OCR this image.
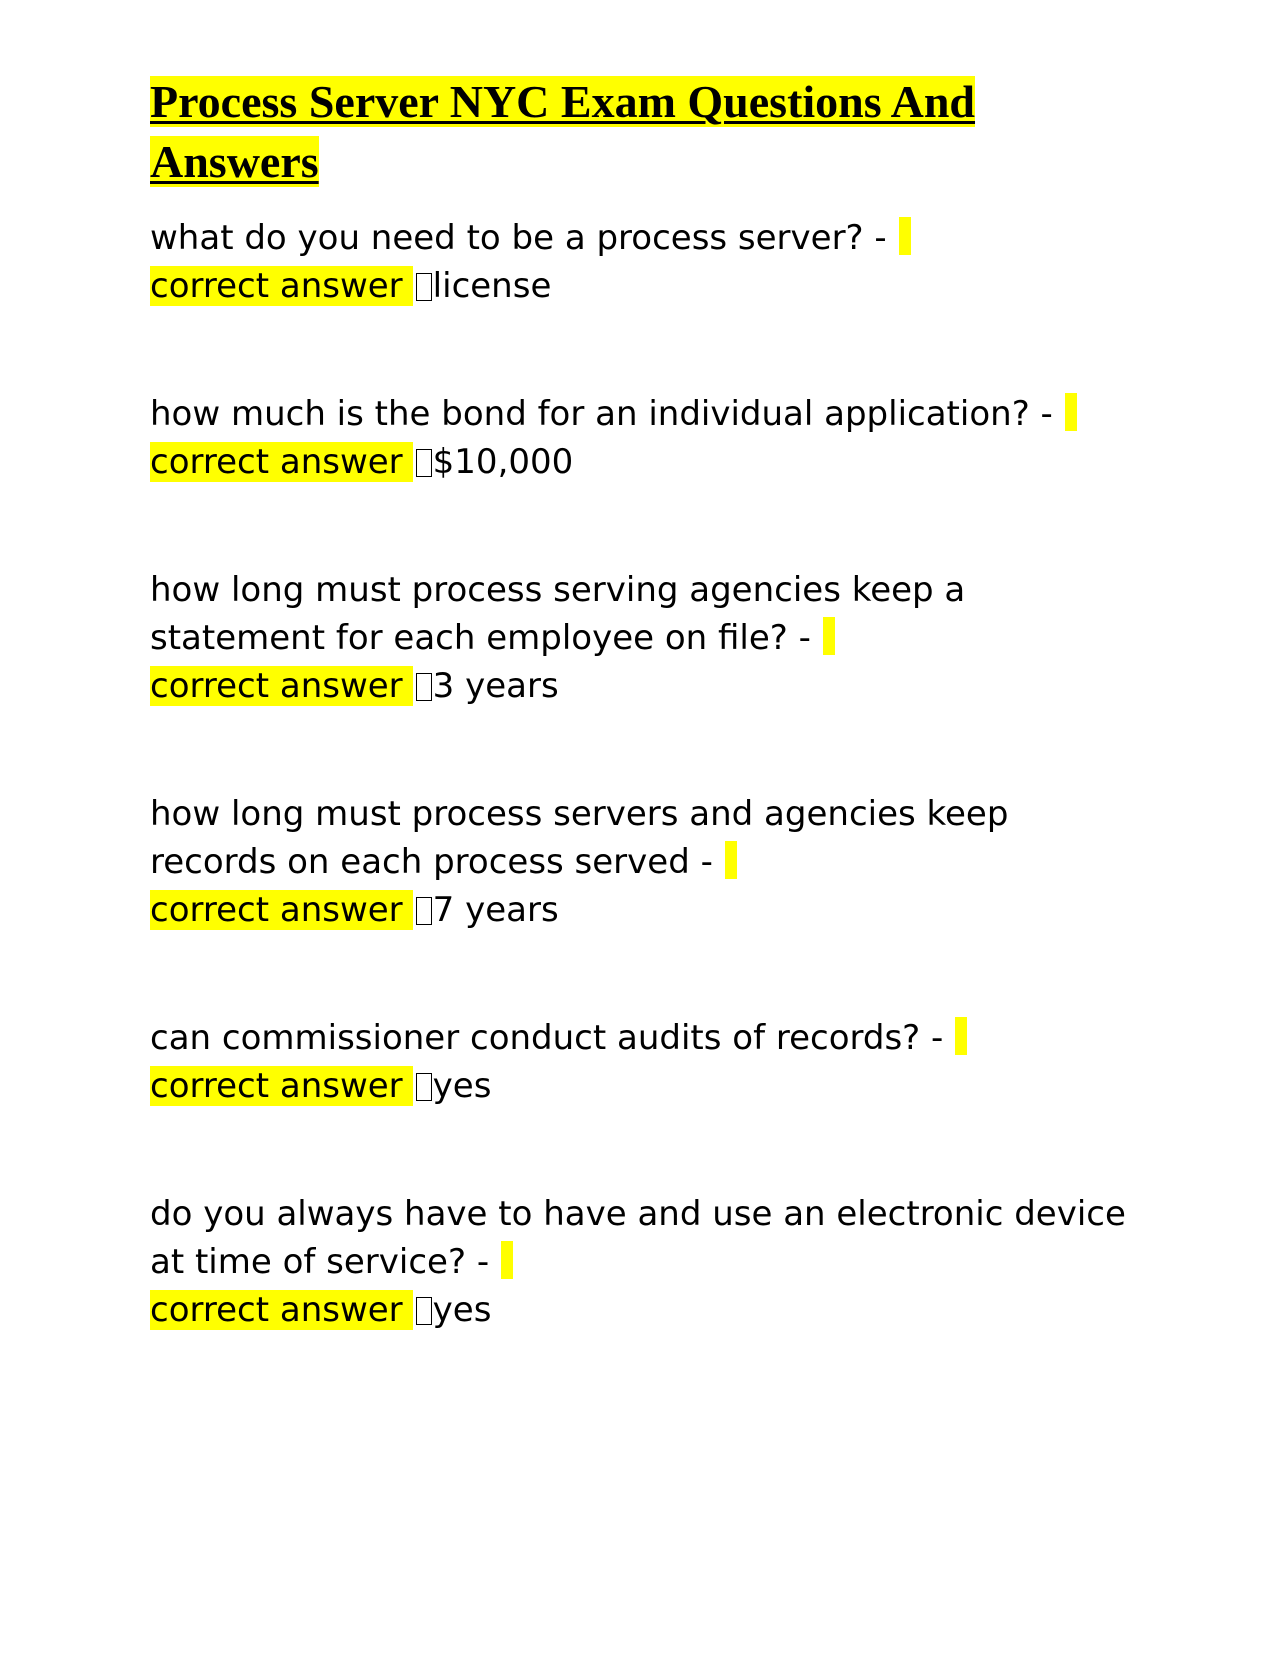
Process Server NYC Exam Questions And Answers
what do you need to be a process server? -
correct answer license
how much is the bond for an individual application? -
correct answer $10,000
how long must process serving agencies keep a statement for each employee on file? -
correct answer 3 years
how long must process servers and agencies keep records on each process served -
correct answer 7 years
can commissioner conduct audits of records? -
correct answer yes
do you always have to have and use an electronic device at time of service? -
correct answer yes
